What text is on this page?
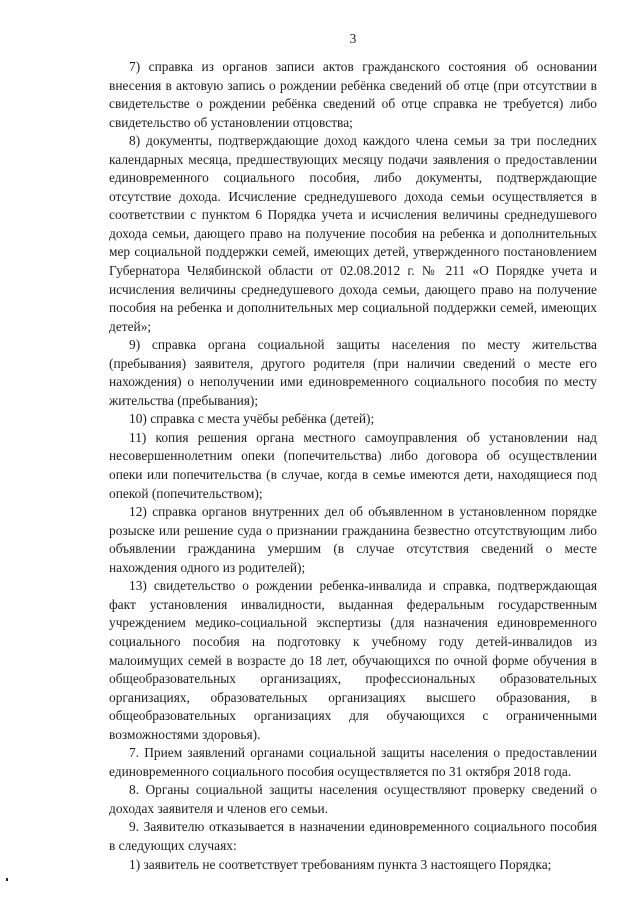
3

7) справка из органов записи актов гражданского состояния об основании внесения в актовую запись о рождении ребёнка сведений об отце (при отсутствии в свидетельстве о рождении ребёнка сведений об отце справка не требуется) либо свидетельство об установлении отцовства;

8) документы, подтверждающие доход каждого члена семьи за три последних календарных месяца, предшествующих месяцу подачи заявления о предоставлении единовременного социального пособия, либо документы, подтверждающие отсутствие дохода. Исчисление среднедушевого дохода семьи осуществляется в соответствии с пунктом 6 Порядка учета и исчисления величины среднедушевого дохода семьи, дающего право на получение пособия на ребенка и дополнительных мер социальной поддержки семей, имеющих детей, утвержденного постановлением Губернатора Челябинской области от 02.08.2012 г. № 211 «О Порядке учета и исчисления величины среднедушевого дохода семьи, дающего право на получение пособия на ребенка и дополнительных мер социальной поддержки семей, имеющих детей»;

9) справка органа социальной защиты населения по месту жительства (пребывания) заявителя, другого родителя (при наличии сведений о месте его нахождения) о неполучении ими единовременного социального пособия по месту жительства (пребывания);

10) справка с места учёбы ребёнка (детей);

11) копия решения органа местного самоуправления об установлении над несовершеннолетним опеки (попечительства) либо договора об осуществлении опеки или попечительства (в случае, когда в семье имеются дети, находящиеся под опекой (попечительством);

12) справка органов внутренних дел об объявленном в установленном порядке розыске или решение суда о признании гражданина безвестно отсутствующим либо объявлении гражданина умершим (в случае отсутствия сведений о месте нахождения одного из родителей);

13) свидетельство о рождении ребенка-инвалида и справка, подтверждающая факт установления инвалидности, выданная федеральным государственным учреждением медико-социальной экспертизы (для назначения единовременного социального пособия на подготовку к учебному году детей-инвалидов из малоимущих семей в возрасте до 18 лет, обучающихся по очной форме обучения в общеобразовательных организациях, профессиональных образовательных организациях, образовательных организациях высшего образования, в общеобразовательных организациях для обучающихся с ограниченными возможностями здоровья).

7. Прием заявлений органами социальной защиты населения о предоставлении единовременного социального пособия осуществляется по 31 октября 2018 года.

8. Органы социальной защиты населения осуществляют проверку сведений о доходах заявителя и членов его семьи.

9. Заявителю отказывается в назначении единовременного социального пособия в следующих случаях:

1) заявитель не соответствует требованиям пункта 3 настоящего Порядка;
